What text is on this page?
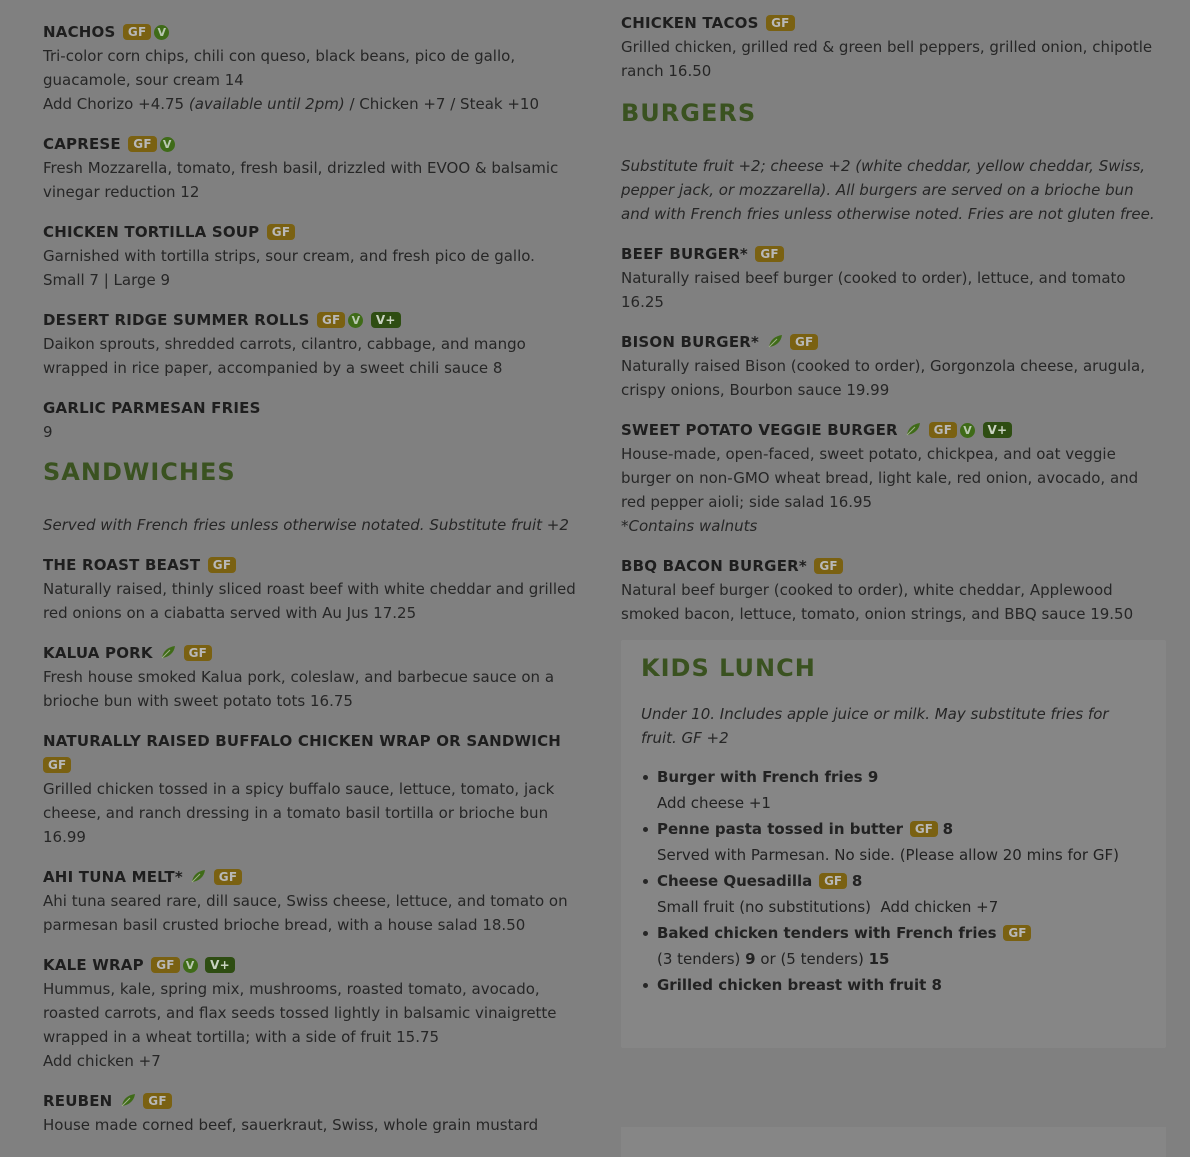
NACHOS GF V
Tri-color corn chips, chili con queso, black beans, pico de gallo, guacamole, sour cream 14
Add Chorizo +4.75 (available until 2pm) / Chicken +7 / Steak +10
CAPRESE GF V
Fresh Mozzarella, tomato, fresh basil, drizzled with EVOO & balsamic vinegar reduction 12
CHICKEN TORTILLA SOUP GF
Garnished with tortilla strips, sour cream, and fresh pico de gallo.
Small 7 | Large 9
DESERT RIDGE SUMMER ROLLS GF V V+
Daikon sprouts, shredded carrots, cilantro, cabbage, and mango wrapped in rice paper, accompanied by a sweet chili sauce 8
GARLIC PARMESAN FRIES
9
SANDWICHES
Served with French fries unless otherwise notated. Substitute fruit +2
THE ROAST BEAST GF
Naturally raised, thinly sliced roast beef with white cheddar and grilled red onions on a ciabatta served with Au Jus 17.25
KALUA PORK	GF
Fresh house smoked Kalua pork, coleslaw, and barbecue sauce on a brioche bun with sweet potato tots 16.75
NATURALLY RAISED BUFFALO CHICKEN WRAP OR SANDWICH
GF
Grilled chicken tossed in a spicy buffalo sauce, lettuce, tomato, jack cheese, and ranch dressing in a tomato basil tortilla or brioche bun 16.99
AHI TUNA MELT*	GF
Ahi tuna seared rare, dill sauce, Swiss cheese, lettuce, and tomato on parmesan basil crusted brioche bread, with a house salad 18.50
KALE WRAP GF V V+
Hummus, kale, spring mix, mushrooms, roasted tomato, avocado, roasted carrots, and flax seeds tossed lightly in balsamic vinaigrette wrapped in a wheat tortilla; with a side of fruit 15.75
Add chicken +7
REUBEN	GF
House made corned beef, sauerkraut, Swiss, whole grain mustard
CHICKEN TACOS GF
Grilled chicken, grilled red & green bell peppers, grilled onion, chipotle ranch 16.50
BURGERS
Substitute fruit +2; cheese +2 (white cheddar, yellow cheddar, Swiss, pepper jack, or mozzarella). All burgers are served on a brioche bun and with French fries unless otherwise noted. Fries are not gluten free.
BEEF BURGER* GF
Naturally raised beef burger (cooked to order), lettuce, and tomato 16.25
BISON BURGER*	GF
Naturally raised Bison (cooked to order), Gorgonzola cheese, arugula, crispy onions, Bourbon sauce 19.99
SWEET POTATO VEGGIE BURGER	GF V V+
House-made, open-faced, sweet potato, chickpea, and oat veggie burger on non-GMO wheat bread, light kale, red onion, avocado, and red pepper aioli; side salad 16.95
*Contains walnuts
BBQ BACON BURGER* GF
Natural beef burger (cooked to order), white cheddar, Applewood smoked bacon, lettuce, tomato, onion strings, and BBQ sauce 19.50
KIDS LUNCH
Under 10. Includes apple juice or milk. May substitute fries for fruit. GF +2
Burger with French fries 9
Add cheese +1
Penne pasta tossed in butter GF 8
Served with Parmesan. No side. (Please allow 20 mins for GF)
Cheese Quesadilla GF 8
Small fruit (no substitutions)  Add chicken +7
Baked chicken tenders with French fries GF
(3 tenders) 9 or (5 tenders) 15
Grilled chicken breast with fruit 8
